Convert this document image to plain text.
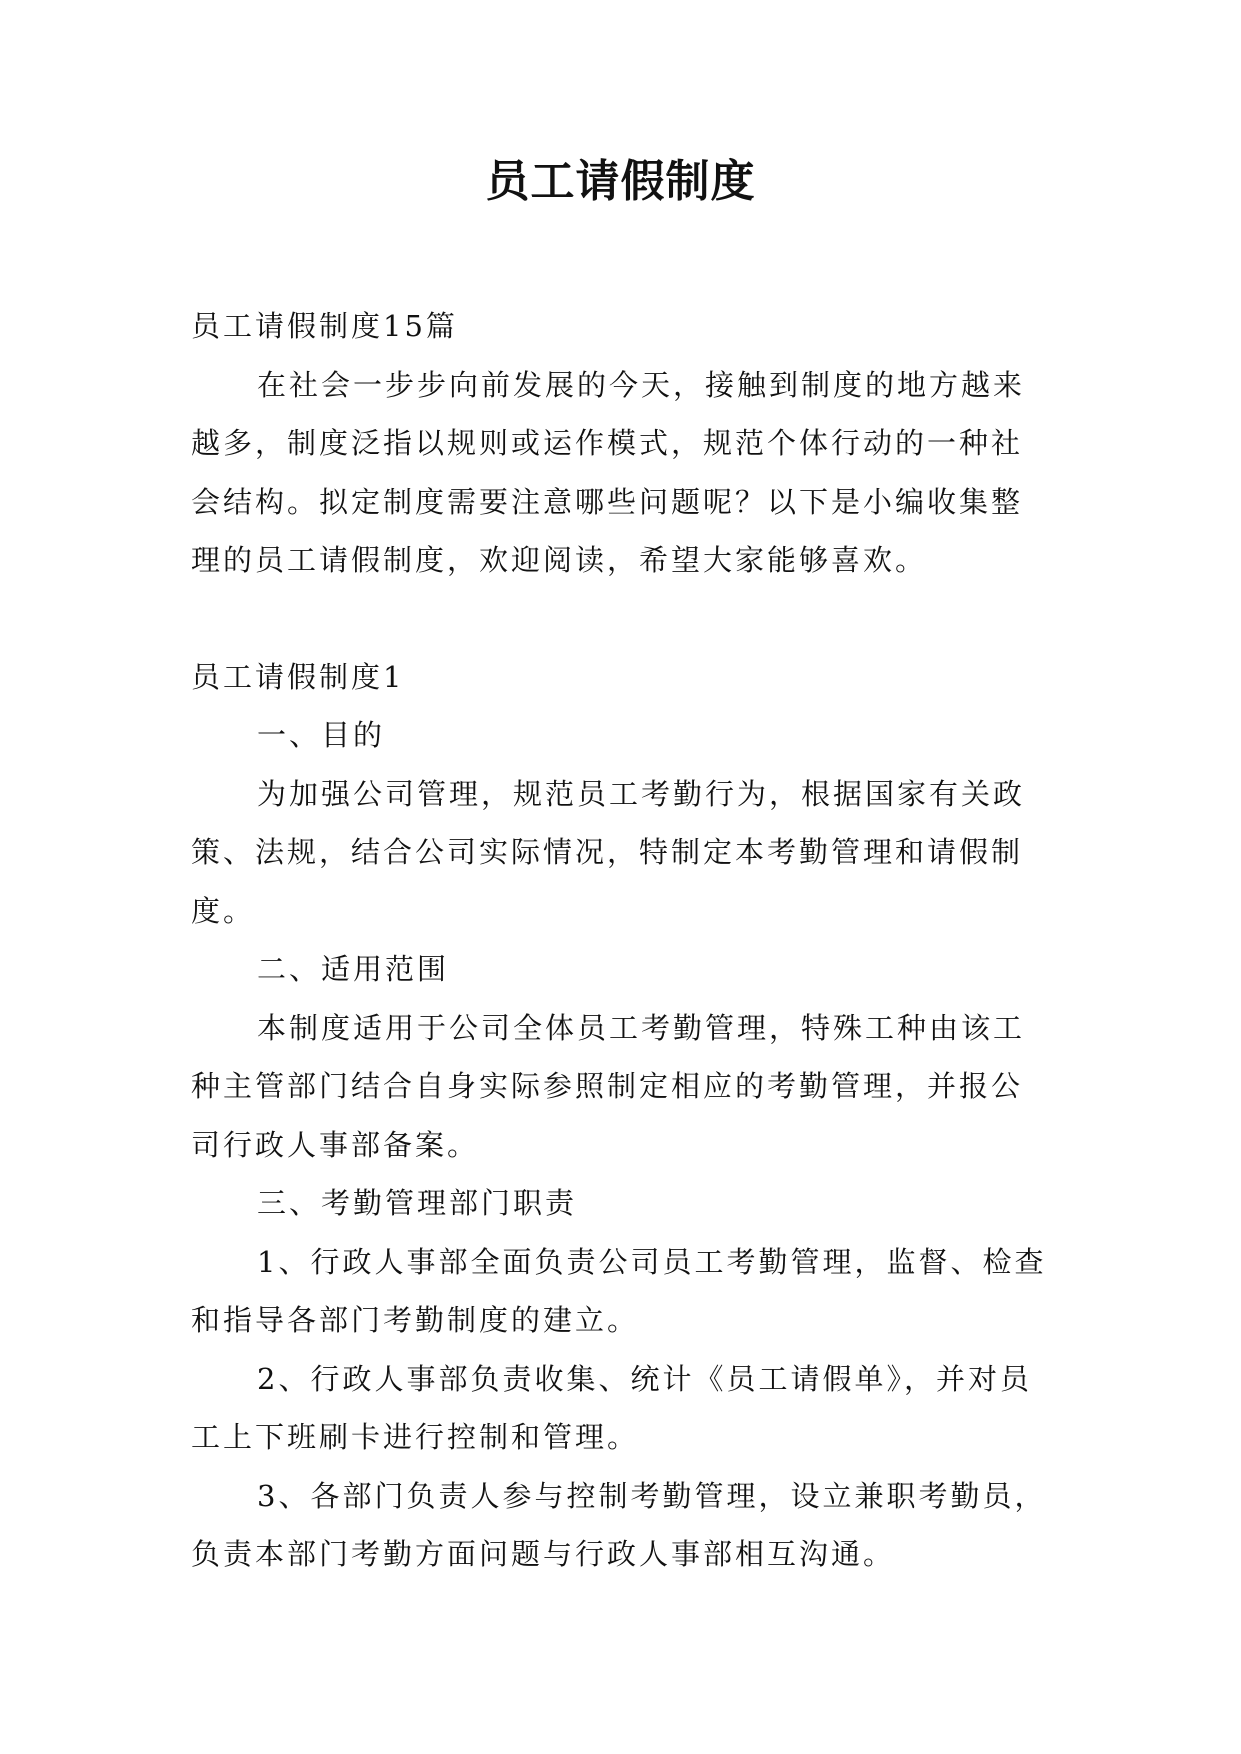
员工请假制度

员工请假制度15篇

在社会一步步向前发展的今天，接触到制度的地方越来越多，制度泛指以规则或运作模式，规范个体行动的一种社会结构。拟定制度需要注意哪些问题呢？以下是小编收集整理的员工请假制度，欢迎阅读，希望大家能够喜欢。

员工请假制度1

一、目的

为加强公司管理，规范员工考勤行为，根据国家有关政策、法规，结合公司实际情况，特制定本考勤管理和请假制度。

二、适用范围

本制度适用于公司全体员工考勤管理，特殊工种由该工种主管部门结合自身实际参照制定相应的考勤管理，并报公司行政人事部备案。

三、考勤管理部门职责

1、行政人事部全面负责公司员工考勤管理，监督、检查和指导各部门考勤制度的建立。

2、行政人事部负责收集、统计《员工请假单》，并对员工上下班刷卡进行控制和管理。

3、各部门负责人参与控制考勤管理，设立兼职考勤员，负责本部门考勤方面问题与行政人事部相互沟通。
